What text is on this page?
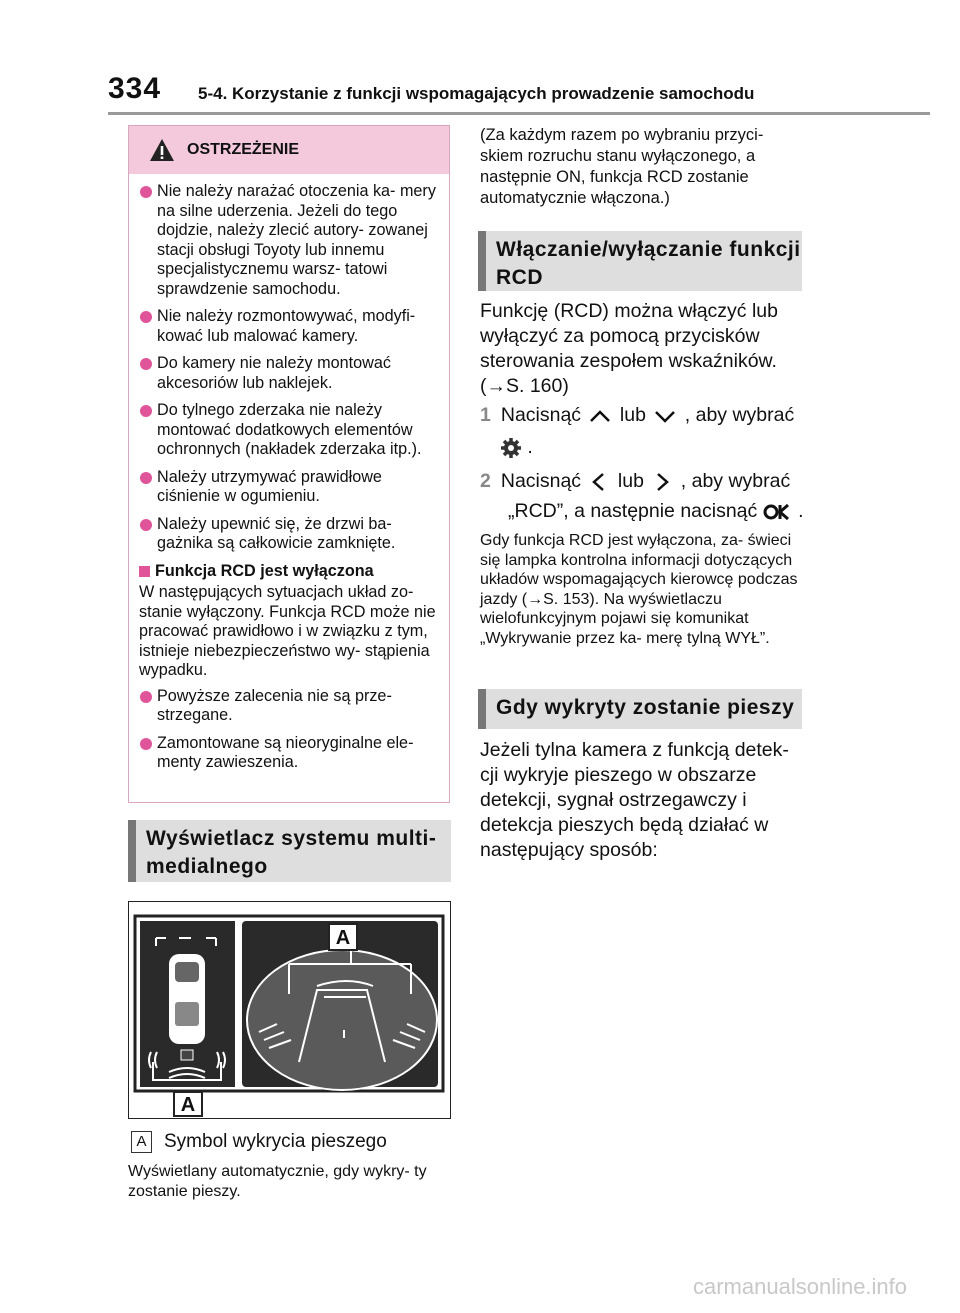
334 5-4. Korzystanie z funkcji wspomagających prowadzenie samochodu
OSTRZEŻENIE
Nie należy narażać otoczenia ka- mery na silne uderzenia. Jeżeli do tego dojdzie, należy zlecić autory- zowanej stacji obsługi Toyoty lub innemu specjalistycznemu warsz- tatowi sprawdzenie samochodu.
Nie należy rozmontowywać, modyfi- kować lub malować kamery.
Do kamery nie należy montować akcesoriów lub naklejek.
Do tylnego zderzaka nie należy montować dodatkowych elementów ochronnych (nakładek zderzaka itp.).
Należy utrzymywać prawidłowe ciśnienie w ogumieniu.
Należy upewnić się, że drzwi ba- gażnika są całkowicie zamknięte.
Funkcja RCD jest wyłączona
W następujących sytuacjach układ zo- stanie wyłączony. Funkcja RCD może nie pracować prawidłowo i w związku z tym, istnieje niebezpieczeństwo wy- stąpienia wypadku.
Powyższe zalecenia nie są prze- strzegane.
Zamontowane są nieoryginalne ele- menty zawieszenia.
Wyświetlacz systemu multi- medialnego
A
A
A Symbol wykrycia pieszego
Wyświetlany automatycznie, gdy wykry- ty zostanie pieszy.
(Za każdym razem po wybraniu przyci- skiem rozruchu stanu wyłączonego, a następnie ON, funkcja RCD zostanie automatycznie włączona.)
Włączanie/wyłączanie funkcji RCD
Funkcję (RCD) można włączyć lub wyłączyć za pomocą przycisków sterowania zespołem wskaźników. (→S. 160)
1 Nacisnąć lub , aby wybrać
.
2 Nacisnąć lub , aby wybrać
„RCD”, a następnie nacisnąć .
Gdy funkcja RCD jest wyłączona, za- świeci się lampka kontrolna informacji dotyczących układów wspomagających kierowcę podczas jazdy (→S. 153). Na wyświetlaczu wielofunkcyjnym pojawi się komunikat „Wykrywanie przez ka- merę tylną WYŁ”.
Gdy wykryty zostanie pieszy
Jeżeli tylna kamera z funkcją detek- cji wykryje pieszego w obszarze detekcji, sygnał ostrzegawczy i detekcja pieszych będą działać w następujący sposób:
carmanualsonline.info
